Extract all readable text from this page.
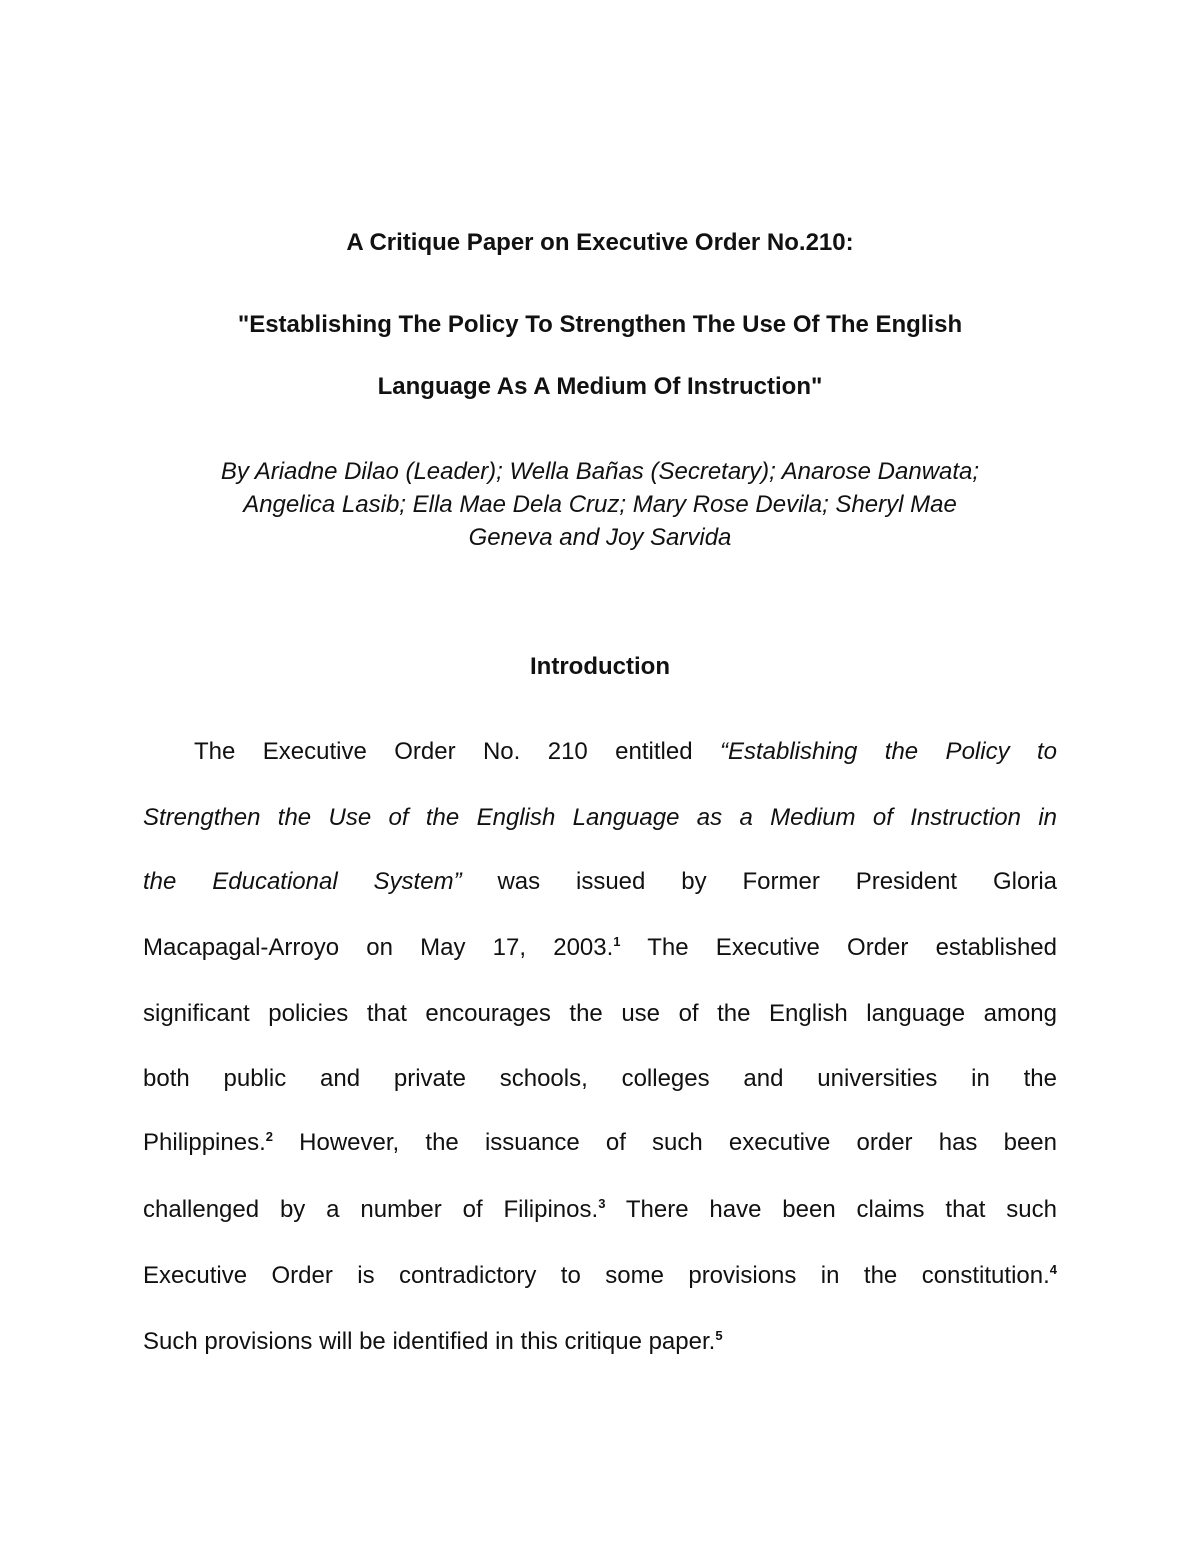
A Critique Paper on Executive Order No.210:
"Establishing The Policy To Strengthen The Use Of The English
Language As A Medium Of Instruction"
By Ariadne Dilao (Leader); Wella Bañas (Secretary); Anarose Danwata;
Angelica Lasib; Ella Mae Dela Cruz; Mary Rose Devila; Sheryl Mae
Geneva and Joy Sarvida
Introduction
The Executive Order No. 210 entitled “Establishing the Policy to
Strengthen the Use of the English Language as a Medium of Instruction in
the Educational System” was issued by Former President Gloria
Macapagal-Arroyo on May 17, 2003.$^1$ The Executive Order established
significant policies that encourages the use of the English language among
both public and private schools, colleges and universities in the
Philippines.$^2$ However, the issuance of such executive order has been
challenged by a number of Filipinos.$^3$ There have been claims that such
Executive Order is contradictory to some provisions in the constitution.$^4$
Such provisions will be identified in this critique paper.$^5$
